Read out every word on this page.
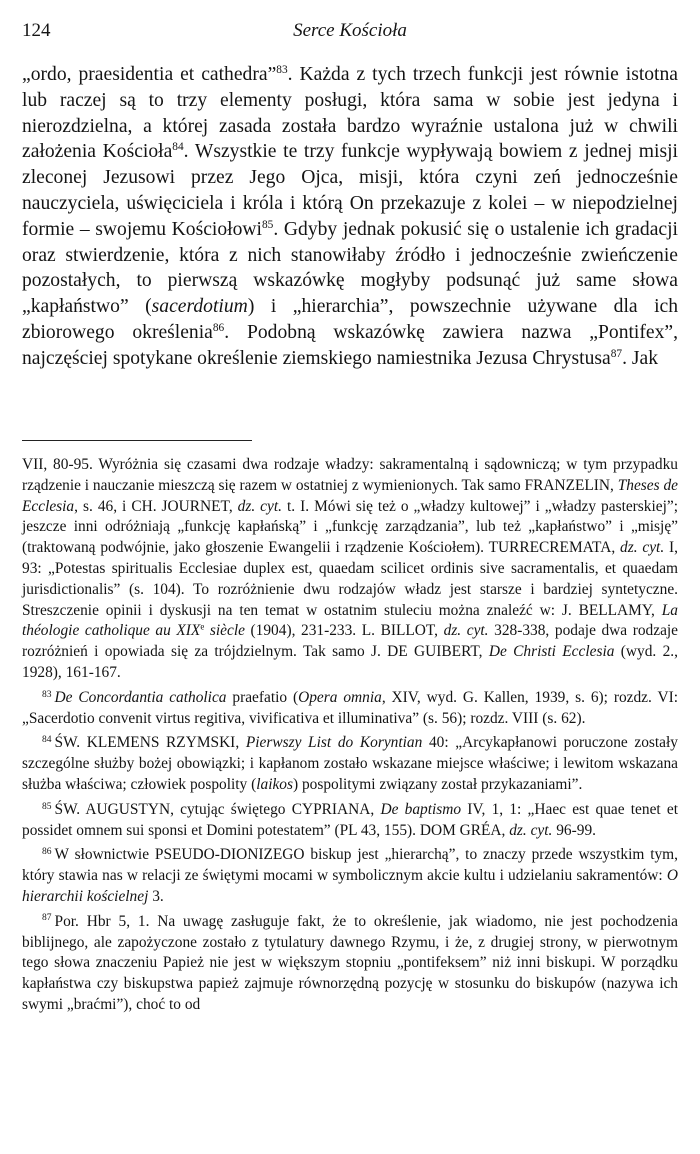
124	Serce Kościoła

„ordo, praesidentia et cathedra”$^{83}$. Każda z tych trzech funkcji jest równie istotna lub raczej są to trzy elementy posługi, która sama w sobie jest jedyna i nierozdzielna, a której zasada została bardzo wyraźnie ustalona już w chwili założenia Kościoła$^{84}$. Wszystkie te trzy funkcje wypływają bowiem z jednej misji zleconej Jezusowi przez Jego Ojca, misji, która czyni zeń jednocześnie nauczyciela, uświęciciela i króla i którą On przekazuje z kolei – w niepodzielnej formie – swojemu Kościołowi$^{85}$. Gdyby jednak pokusić się o ustalenie ich gradacji oraz stwierdzenie, która z nich stanowiłaby źródło i jednocześnie zwieńczenie pozostałych, to pierwszą wskazówkę mogłyby podsunąć już same słowa „kapłaństwo” (sacerdotium) i „hierarchia”, powszechnie używane dla ich zbiorowego określenia$^{86}$. Podobną wskazówkę zawiera nazwa „Pontifex”, najczęściej spotykane określenie ziemskiego namiestnika Jezusa Chrystusa$^{87}$. Jak

VII, 80-95. Wyróżnia się czasami dwa rodzaje władzy: sakramentalną i sądowniczą; w tym przypadku rządzenie i nauczanie mieszczą się razem w ostatniej z wymienionych. Tak samo FRANZELIN, Theses de Ecclesia, s. 46, i CH. JOURNET, dz. cyt. t. I. Mówi się też o „władzy kultowej” i „władzy pasterskiej”; jeszcze inni odróżniają „funkcję kapłańską” i „funkcję zarządzania”, lub też „kapłaństwo” i „misję” (traktowaną podwójnie, jako głoszenie Ewangelii i rządzenie Kościołem). TURRECREMATA, dz. cyt. I, 93: „Potestas spiritualis Ecclesiae duplex est, quaedam scilicet ordinis sive sacramentalis, et quaedam jurisdictionalis” (s. 104). To rozróżnienie dwu rodzajów władz jest starsze i bardziej syntetyczne. Streszczenie opinii i dyskusji na ten temat w ostatnim stuleciu można znaleźć w: J. BELLAMY, La théologie catholique au XIXe siècle (1904), 231-233. L. BILLOT, dz. cyt. 328-338, podaje dwa rodzaje rozróżnień i opowiada się za trójdzielnym. Tak samo J. DE GUIBERT, De Christi Ecclesia (wyd. 2., 1928), 161-167.

$^{83}$ De Concordantia catholica praefatio (Opera omnia, XIV, wyd. G. Kallen, 1939, s. 6); rozdz. VI: „Sacerdotio convenit virtus regitiva, vivificativa et illuminativa” (s. 56); rozdz. VIII (s. 62).

$^{84}$ ŚW. KLEMENS RZYMSKI, Pierwszy List do Koryntian 40: „Arcykapłanowi poruczone zostały szczególne służby bożej obowiązki; i kapłanom zostało wskazane miejsce właściwe; i lewitom wskazana służba właściwa; człowiek pospolity (laikos) pospolitymi związany został przykazaniami”.

$^{85}$ ŚW. AUGUSTYN, cytując świętego CYPRIANA, De baptismo IV, 1, 1: „Haec est quae tenet et possidet omnem sui sponsi et Domini potestatem” (PL 43, 155). DOM GRÉA, dz. cyt. 96-99.

$^{86}$ W słownictwie PSEUDO-DIONIZEGO biskup jest „hierarchą”, to znaczy przede wszystkim tym, który stawia nas w relacji ze świętymi mocami w symbolicznym akcie kultu i udzielaniu sakramentów: O hierarchii kościelnej 3.

$^{87}$ Por. Hbr 5, 1. Na uwagę zasługuje fakt, że to określenie, jak wiadomo, nie jest pochodzenia biblijnego, ale zapożyczone zostało z tytulatury dawnego Rzymu, i że, z drugiej strony, w pierwotnym tego słowa znaczeniu Papież nie jest w większym stopniu „pontifeksem” niż inni biskupi. W porządku kapłaństwa czy biskupstwa papież zajmuje równorzędną pozycję w stosunku do biskupów (nazywa ich swymi „braćmi”), choć to od
